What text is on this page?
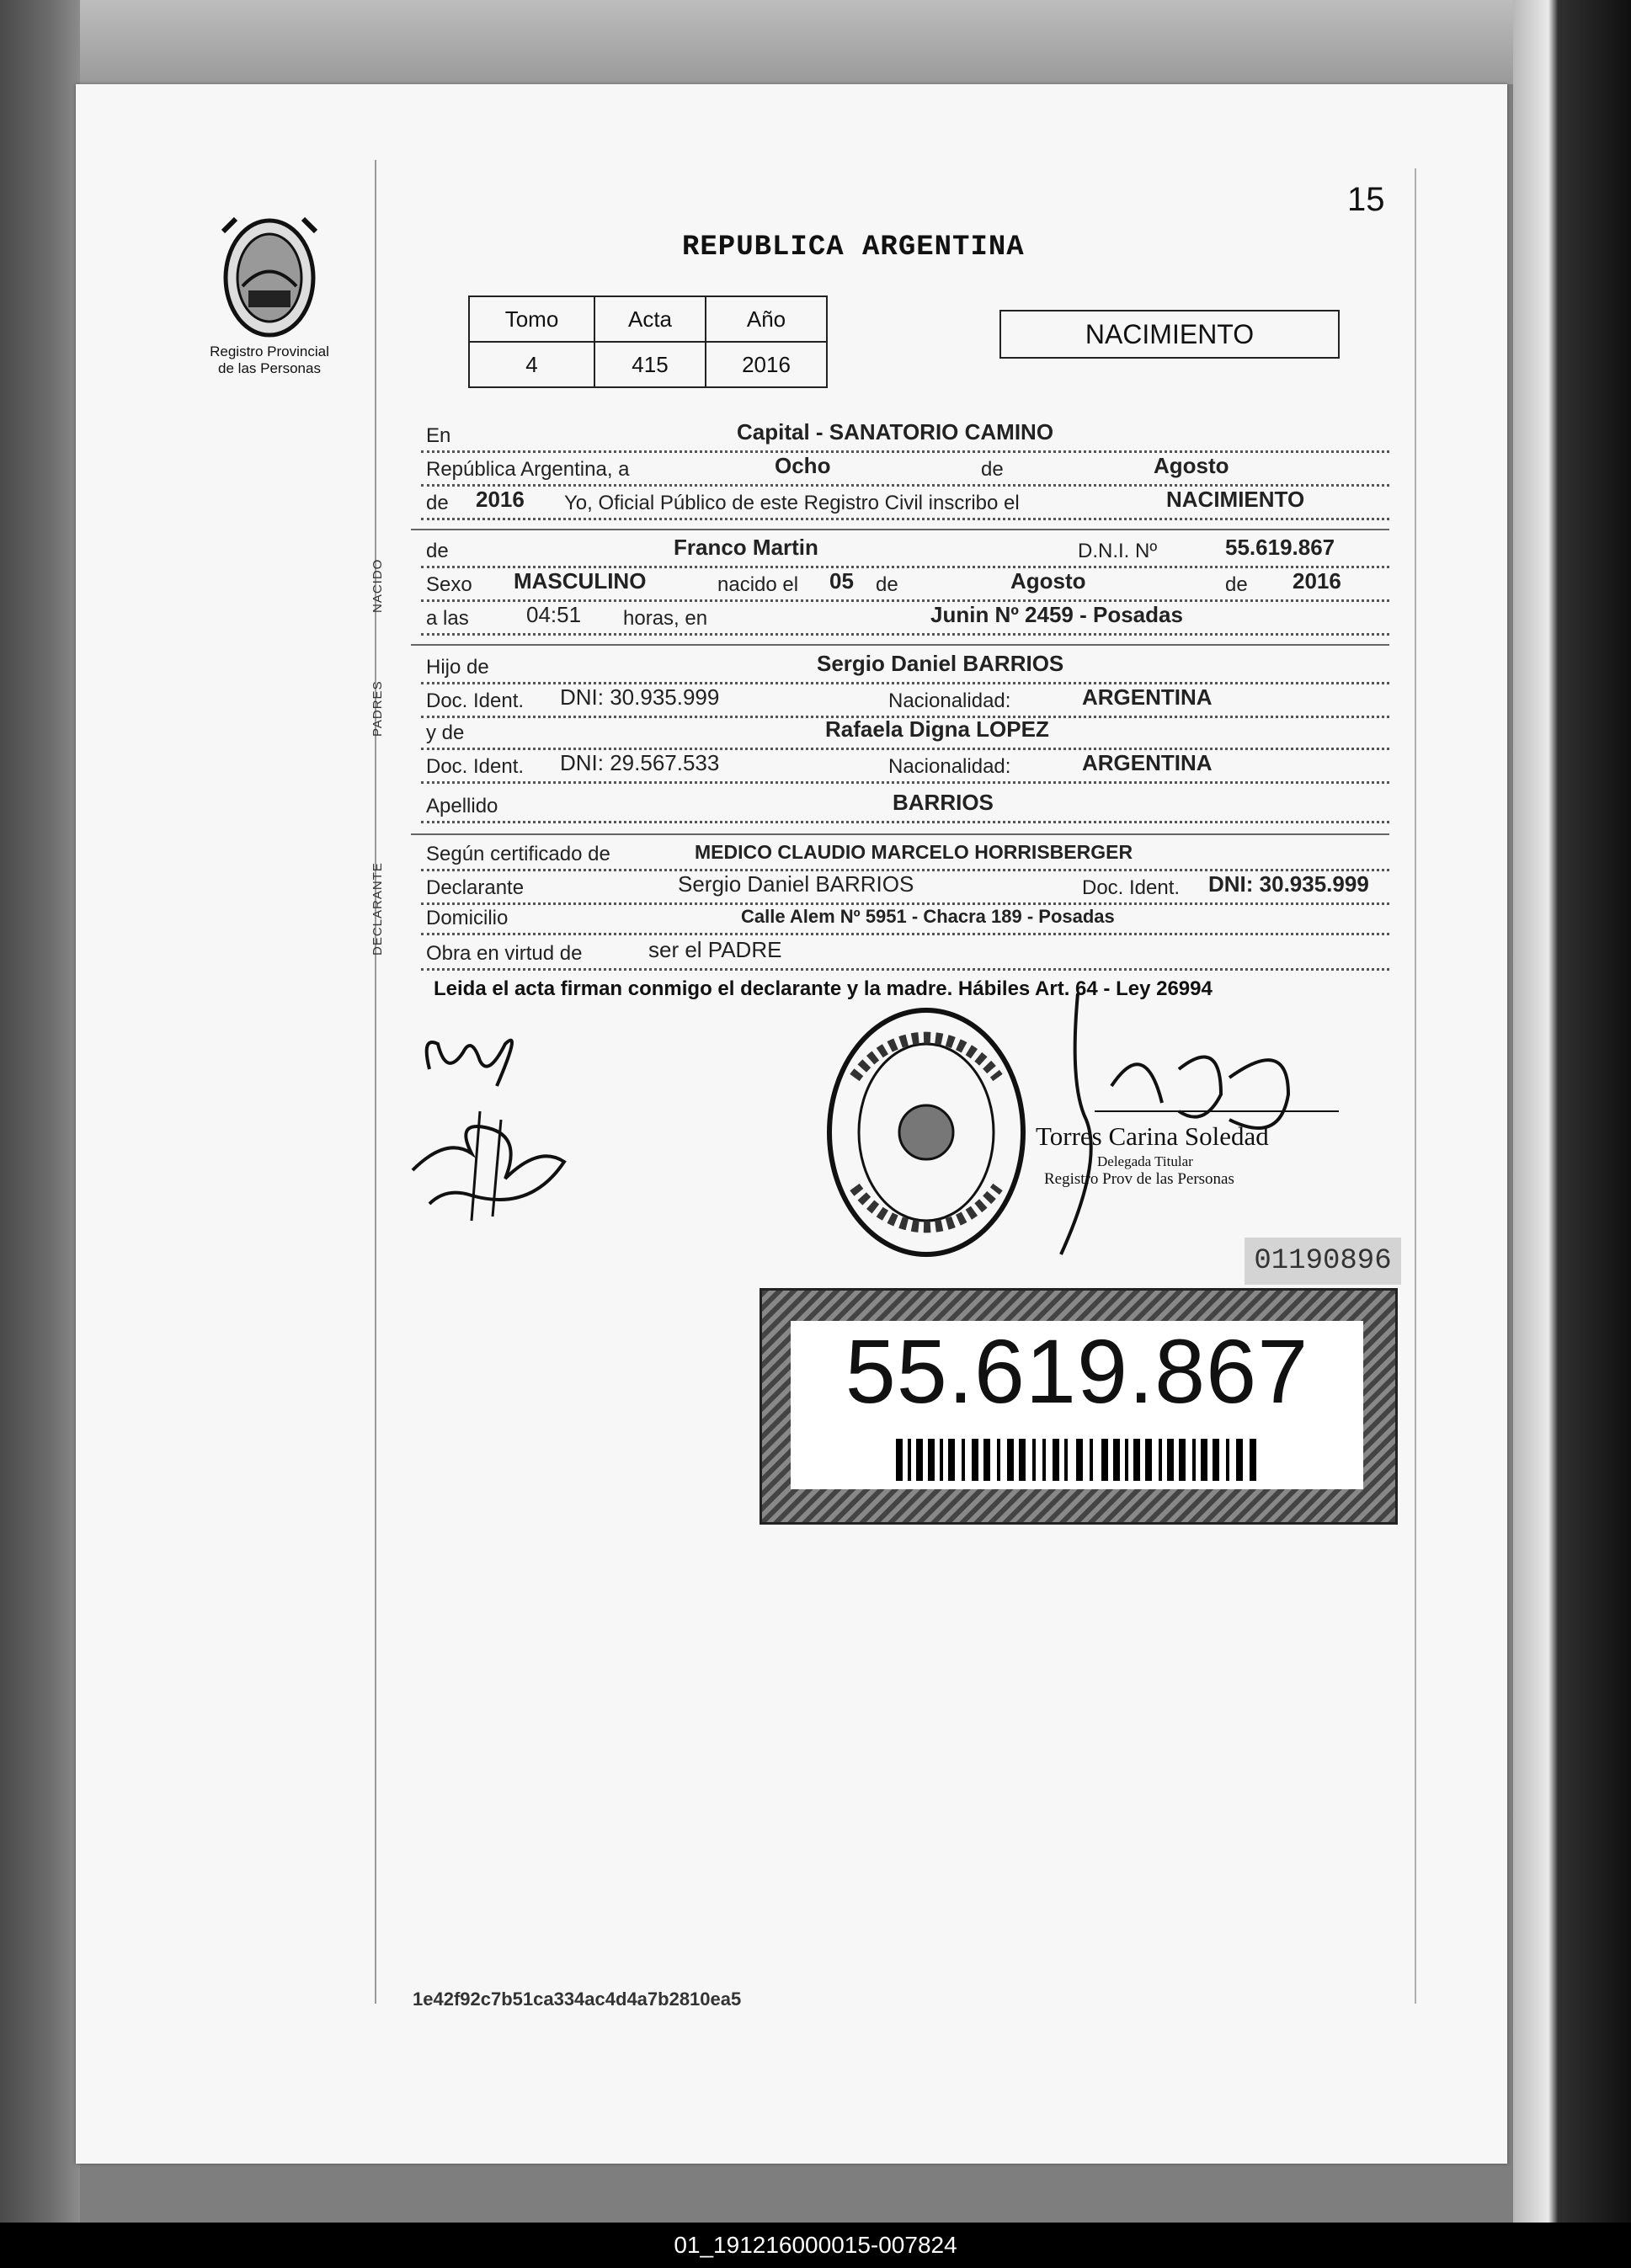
15
REPUBLICA ARGENTINA
Registro Provincial
de las Personas
Tomo	Acta	Año
4	415	2016
NACIMIENTO
En	Capital - SANATORIO CAMINO
República Argentina, a	Ocho	de	Agosto
de 2016 Yo, Oficial Público de este Registro Civil inscribo el	NACIMIENTO
NACIDO
de	Franco Martin	D.N.I. Nº	55.619.867
Sexo MASCULINO	nacido el 05 de	Agosto	de 2016
a las	04:51 horas, en	Junin Nº 2459 - Posadas
PADRES
Hijo de	Sergio Daniel BARRIOS
Doc. Ident. DNI: 30.935.999	Nacionalidad:	ARGENTINA
y de	Rafaela Digna LOPEZ
Doc. Ident. DNI: 29.567.533	Nacionalidad:	ARGENTINA
Apellido	BARRIOS
DECLARANTE
Según certificado de	MEDICO CLAUDIO MARCELO HORRISBERGER
Declarante	Sergio Daniel BARRIOS	Doc. Ident. DNI: 30.935.999
Domicilio	Calle Alem Nº 5951 - Chacra 189 - Posadas
Obra en virtud de	ser el PADRE
Leida el acta firman conmigo el declarante y la madre. Hábiles Art. 64 - Ley 26994
Torres Carina Soledad
Delegada Titular
Registro Prov de las Personas
01190896
55.619.867
1e42f92c7b51ca334ac4d4a7b2810ea5
01_191216000015-007824
